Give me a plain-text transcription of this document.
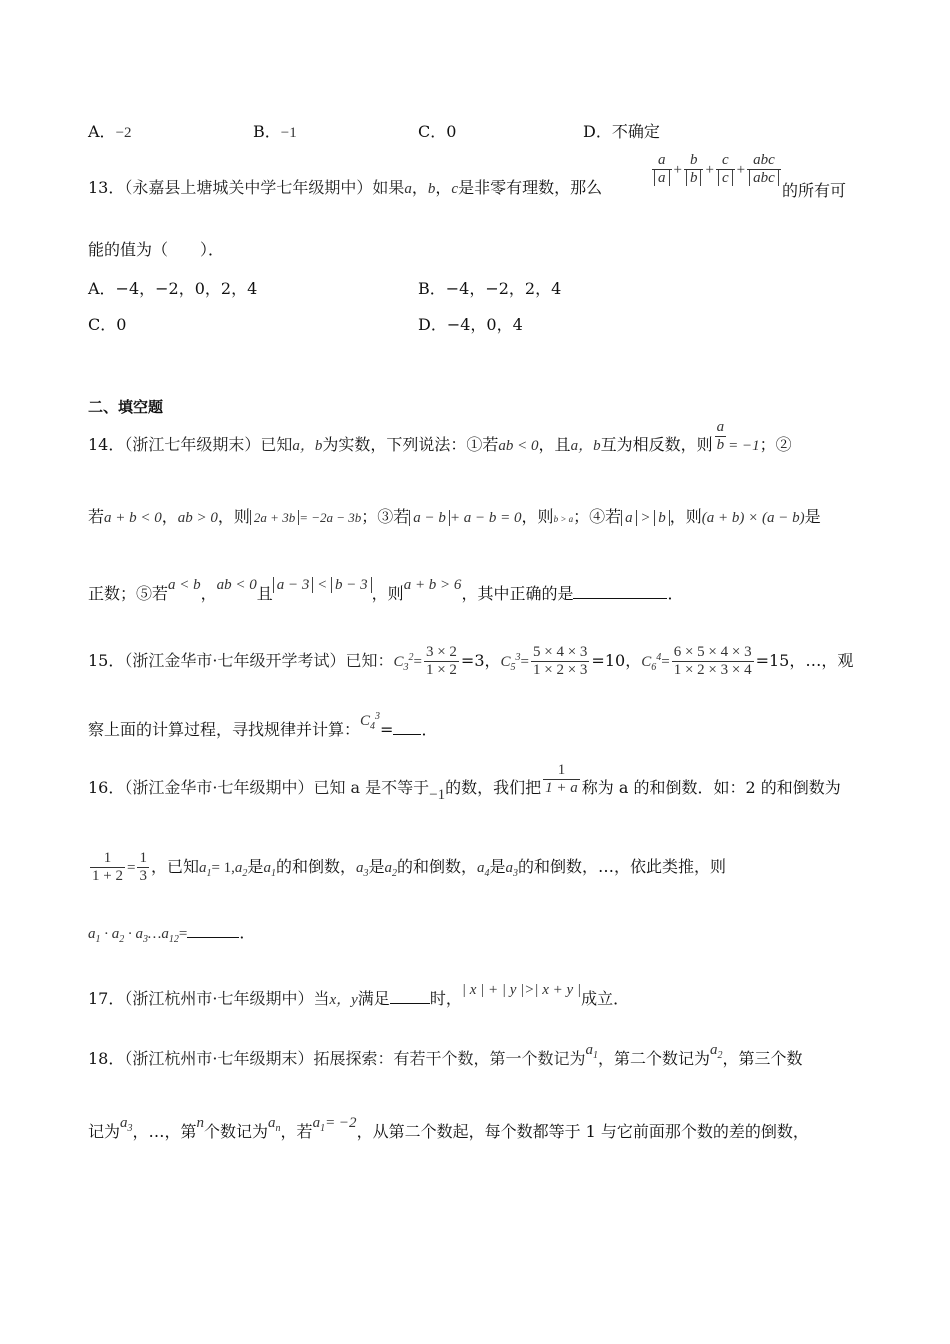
A．−2	B．−1	C．0	D．不确定
13．（永嘉县上塘城关中学七年级期中）如果a，b，c是非零有理数，那么
$\frac{a}{a} + \frac{b}{b} + \frac{c}{c} + \frac{\text{abc}}{\text{abc}}$
的所有可
能的值为（　　）．
A．−4，−2，0，2，4	B．−4，−2，2，4
C．0	D．−4，0，4
二、填空题
14．（浙江七年级期末）已知a，b为实数，下列说法：①若ab < 0，且a，b互为相反数，则 $\frac{a}{b} = -1$；②
若a + b < 0，ab > 0，则 2a + 3b = −2a − 3b；③若 a − b + a − b = 0，则b > a；④若 a > b ，则(a + b) × (a − b)是
正数；⑤若a < b，ab < 0且 a − 3 < b − 3 ，则a + b > 6，其中正确的是	．
15．（浙江金华市·七年级开学考试）已知：$C_3^2= \frac{3 \times 2}{1 \times 2} =3$，$C_5^3= \frac{5 \times 4 \times 3}{1 \times 2 \times 3} =10$，$C_6^4= \frac{6 \times 5 \times 4 \times 3}{1 \times 2 \times 3 \times 4} =15$，…，观
察上面的计算过程，寻找规律并计算：$C_4^3=$ ．
16．（浙江金华市·七年级期中）已知 a 是不等于−1的数，我们把 $\frac{1}{1 + a}$ 称为 a 的和倒数．如：2 的和倒数为
$\frac{1}{1 + 2} = \frac{1}{3}$ ，已知$a_1= 1,a_2$是$a_1$的和倒数，$a_3$是$a_2$的和倒数，$a_4$是$a_3$的和倒数，…，依此类推，则
$a_1 \cdot a_2$ · $a_3\dots a_{12}=$	．
17．（浙江杭州市·七年级期中）当x，y满足	时，| x | + | y |>| x + y |成立．
18．（浙江杭州市·七年级期末）拓展探索：有若干个数，第一个数记为$a_1$，第二个数记为$a_2$，第三个数
记为$a_3$，…，第n个数记为$a_n$，若$a_1= -2$，从第二个数起，每个数都等于 1 与它前面那个数的差的倒数，
